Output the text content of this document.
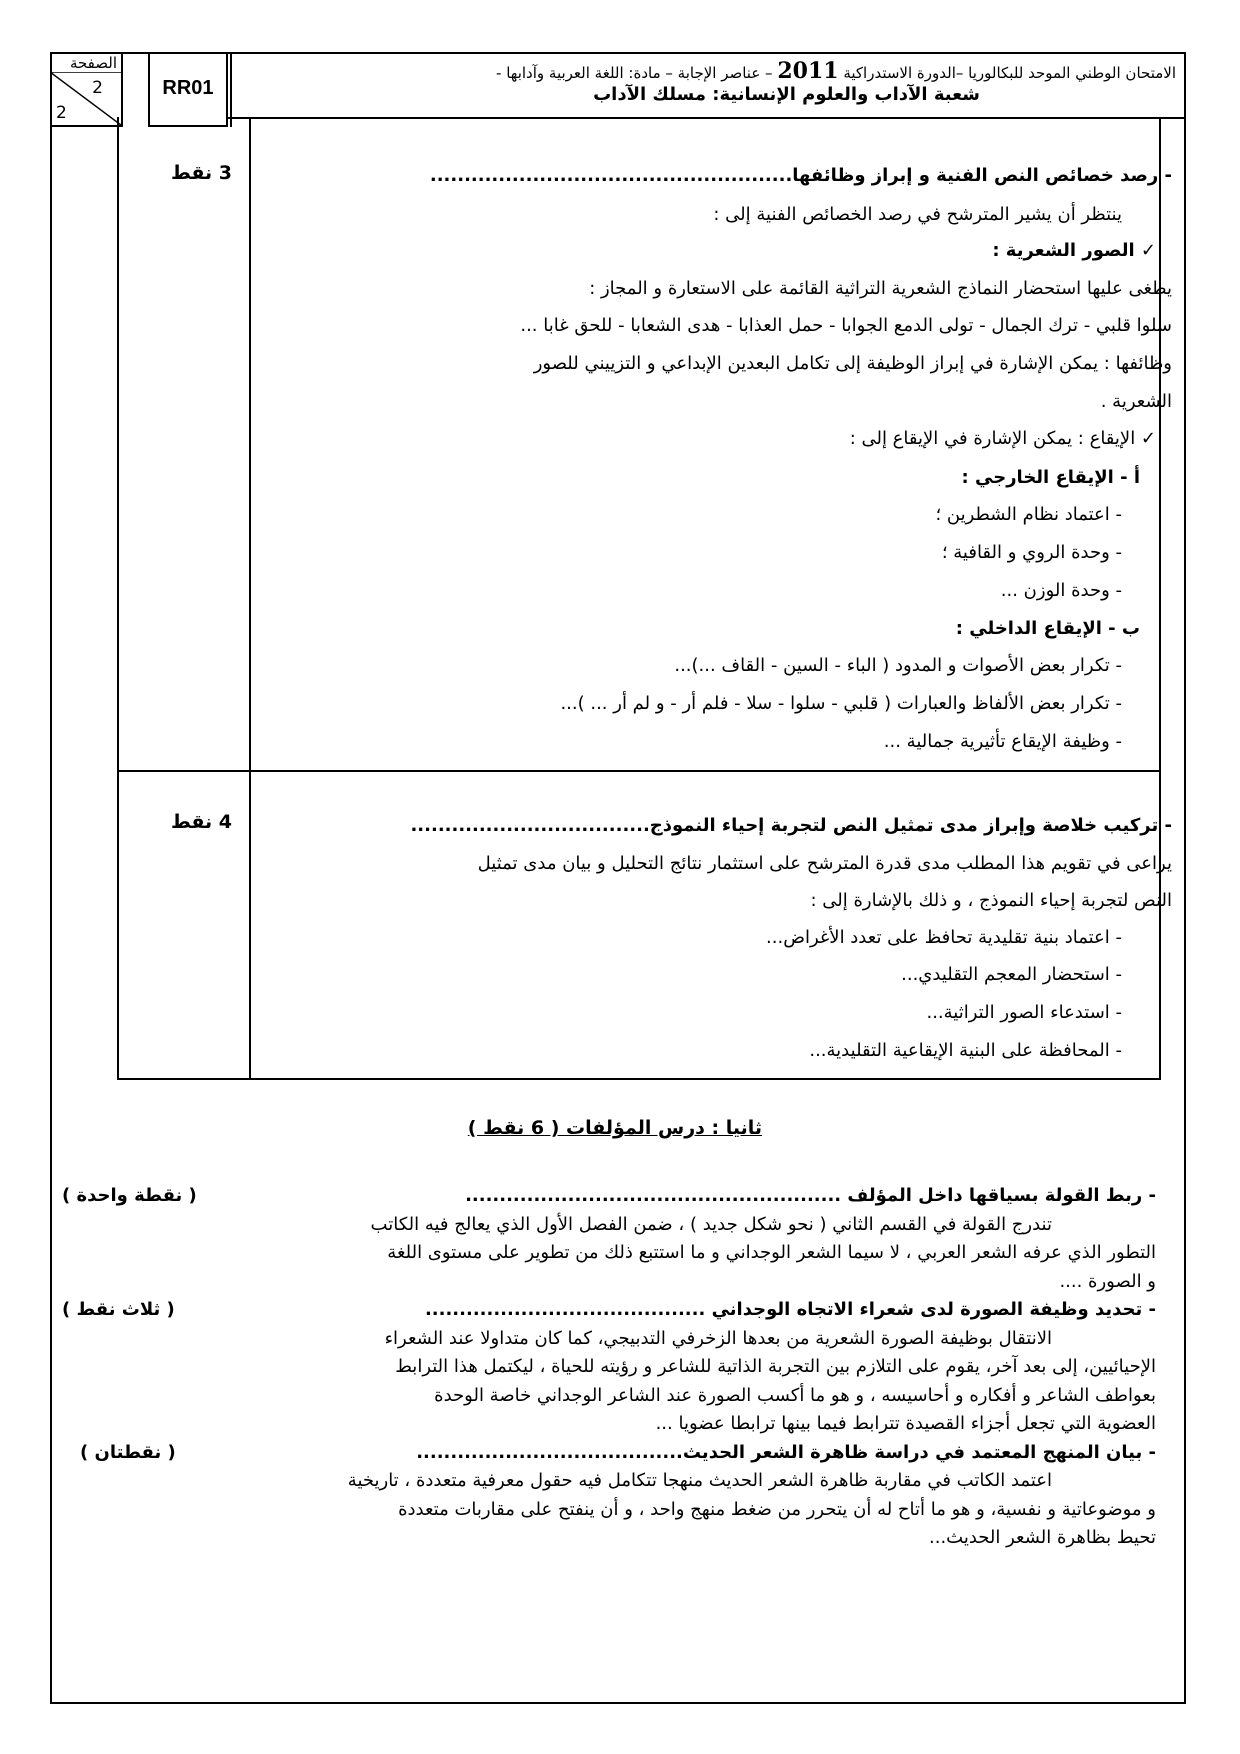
الصفحة
2
2
RR01
الامتحان الوطني الموحد للبكالوريا –الدورة الاستدراكية 2011 – عناصر الإجابة – مادة: اللغة العربية وآدابها -
شعبة الآداب والعلوم الإنسانية: مسلك الآداب
3 نقط	- رصد خصائص النص الفنية و إبراز وظائفها.....................................................
ينتظر أن يشير المترشح في رصد الخصائص الفنية إلى :
✓ الصور الشعرية :
يطغى عليها استحضار النماذج الشعرية التراثية القائمة على الاستعارة و المجاز :
سلوا قلبي - ترك الجمال - تولى الدمع الجوابا - حمل العذابا - هدى الشعابا - للحق غابا ...
وظائفها : يمكن الإشارة في إبراز الوظيفة إلى تكامل البعدين الإبداعي و التزييني للصور
الشعرية .
✓ الإيقاع : يمكن الإشارة في الإيقاع إلى :
أ - الإيقاع الخارجي :
- اعتماد نظام الشطرين ؛
- وحدة الروي و القافية ؛
- وحدة الوزن ...
ب - الإيقاع الداخلي :
- تكرار بعض الأصوات و المدود ( الباء - السين - القاف ...)...
- تكرار بعض الألفاظ والعبارات ( قلبي - سلوا - سلا - فلم أر - و لم أر ... )...
- وظيفة الإيقاع تأثيرية جمالية ...
4 نقط	- تركيب خلاصة وإبراز مدى تمثيل النص لتجربة إحياء النموذج...................................
يراعى في تقويم هذا المطلب مدى قدرة المترشح على استثمار نتائج التحليل و بيان مدى تمثيل
النص لتجربة إحياء النموذج ، و ذلك بالإشارة إلى :
- اعتماد بنية تقليدية تحافظ على تعدد الأغراض...
- استحضار المعجم التقليدي...
- استدعاء الصور التراثية...
- المحافظة على البنية الإيقاعية التقليدية...
ثانيا : درس المؤلفات ( 6 نقط )
- ربط القولة بسياقها داخل المؤلف .......................................................
( نقطة واحدة )
تندرج القولة في القسم الثاني ( نحو شكل جديد ) ، ضمن الفصل الأول الذي يعالج فيه الكاتب
التطور الذي عرفه الشعر العربي ، لا سيما الشعر الوجداني و ما استتبع ذلك من تطوير على مستوى اللغة
و الصورة ....
- تحديد وظيفة الصورة لدى شعراء الاتجاه الوجداني .........................................
( ثلاث نقط )
الانتقال بوظيفة الصورة الشعرية من بعدها الزخرفي التدبيجي، كما كان متداولا عند الشعراء
الإحيائيين، إلى بعد آخر، يقوم على التلازم بين التجربة الذاتية للشاعر و رؤيته للحياة ، ليكتمل هذا الترابط
بعواطف الشاعر و أفكاره و أحاسيسه ، و هو ما أكسب الصورة عند الشاعر الوجداني خاصة الوحدة
العضوية التي تجعل أجزاء القصيدة تترابط فيما بينها ترابطا عضويا ...
- بيان المنهج المعتمد في دراسة ظاهرة الشعر الحديث.......................................
( نقطتان )
اعتمد الكاتب في مقاربة ظاهرة الشعر الحديث منهجا تتكامل فيه حقول معرفية متعددة ، تاريخية
و موضوعاتية و نفسية، و هو ما أتاح له أن يتحرر من ضغط منهج واحد ، و أن ينفتح على مقاربات متعددة
تحيط بظاهرة الشعر الحديث...
